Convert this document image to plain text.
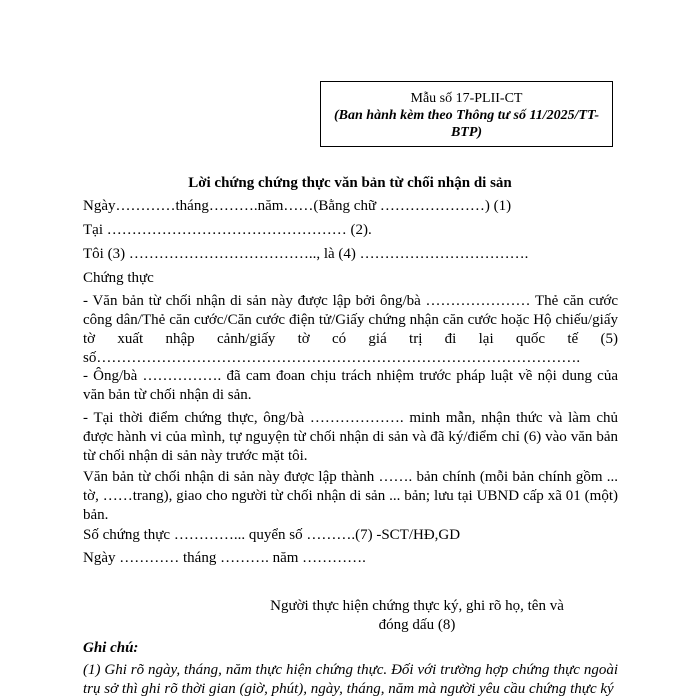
Mẫu số 17-PLII-CT
(Ban hành kèm theo Thông tư số 11/2025/TT-BTP)
Lời chứng chứng thực văn bản từ chối nhận di sản
Ngày…………tháng……….năm……(Bằng chữ …………………) (1)
Tại ………………………………………… (2).
Tôi (3) ……………………………….., là (4) …………………………….
Chứng thực
- Văn bản từ chối nhận di sản này được lập bởi ông/bà ………………… Thẻ căn cước công dân/Thẻ căn cước/Căn cước điện tử/Giấy chứng nhận căn cước hoặc Hộ chiếu/giấy tờ xuất nhập cảnh/giấy tờ có giá trị đi lại quốc tế (5) số…………………………………………………………………………………….
- Ông/bà ……………. đã cam đoan chịu trách nhiệm trước pháp luật về nội dung của văn bản từ chối nhận di sản.
- Tại thời điểm chứng thực, ông/bà ………………. minh mẫn, nhận thức và làm chủ được hành vi của mình, tự nguyện từ chối nhận di sản và đã ký/điểm chỉ (6) vào văn bản từ chối nhận di sản này trước mặt tôi.
Văn bản từ chối nhận di sản này được lập thành ……. bản chính (mỗi bản chính gồm ... tờ, ……trang), giao cho người từ chối nhận di sản ... bản; lưu tại UBND cấp xã 01 (một) bản.
Số chứng thực …………... quyển số ……….(7) -SCT/HĐ,GD
Ngày ………… tháng ………. năm ………….
Người thực hiện chứng thực ký, ghi rõ họ, tên và đóng dấu (8)
Ghi chú:
(1) Ghi rõ ngày, tháng, năm thực hiện chứng thực. Đối với trường hợp chứng thực ngoài trụ sở thì ghi rõ thời gian (giờ, phút), ngày, tháng, năm mà người yêu cầu chứng thực ký
